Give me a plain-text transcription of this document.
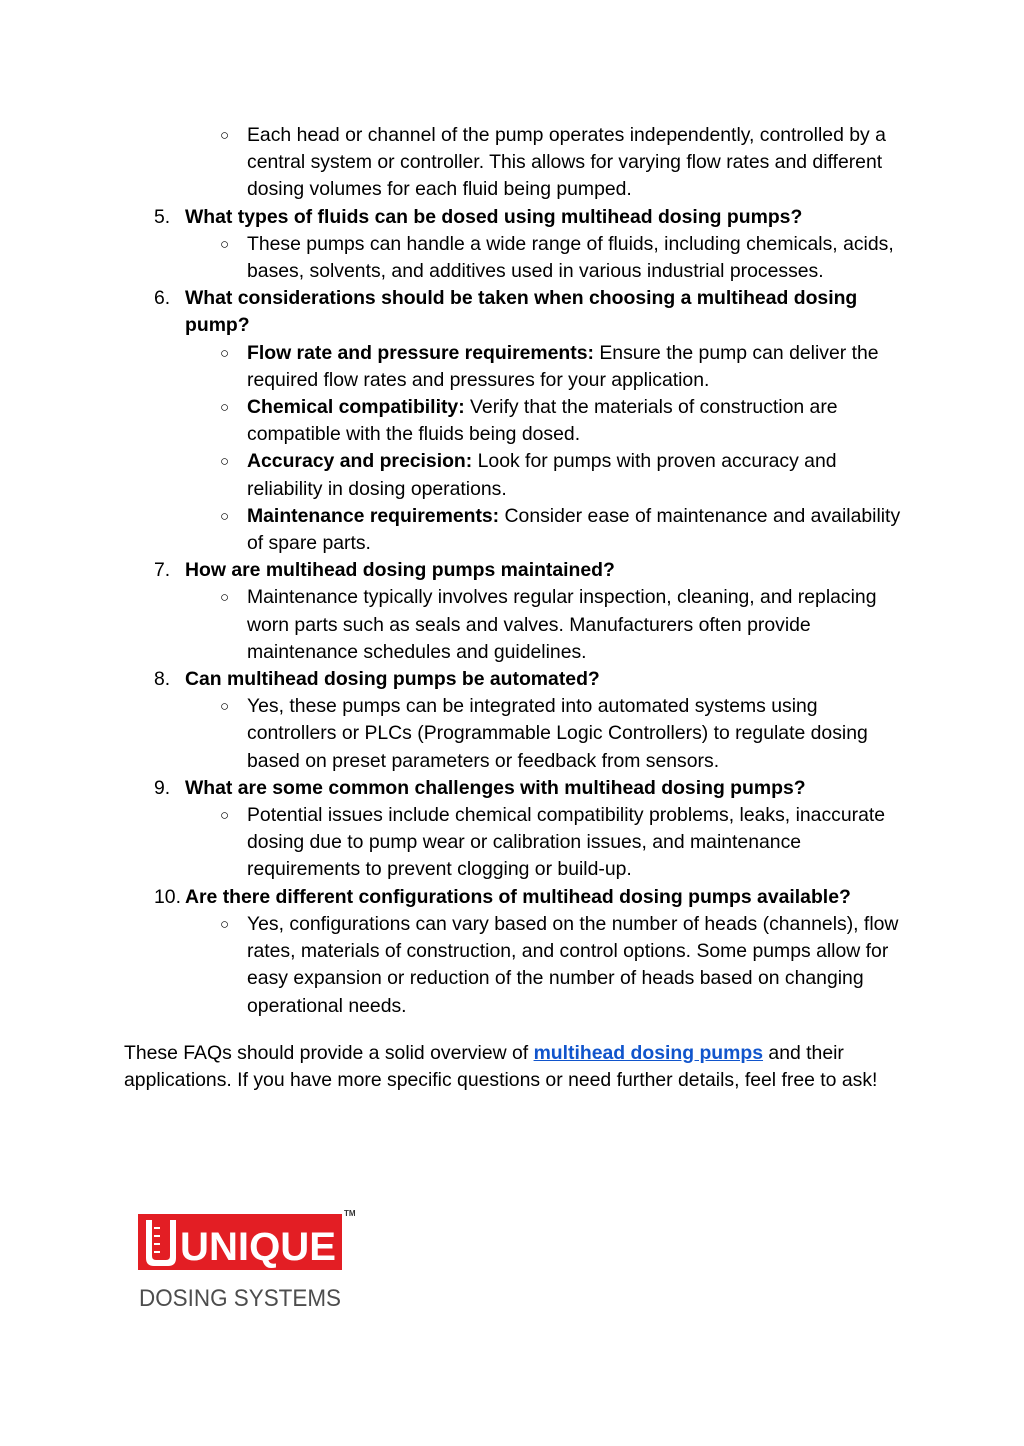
○ Each head or channel of the pump operates independently, controlled by a central system or controller. This allows for varying flow rates and different dosing volumes for each fluid being pumped.
5. What types of fluids can be dosed using multihead dosing pumps?
○ These pumps can handle a wide range of fluids, including chemicals, acids, bases, solvents, and additives used in various industrial processes.
6. What considerations should be taken when choosing a multihead dosing pump?
○ Flow rate and pressure requirements: Ensure the pump can deliver the required flow rates and pressures for your application.
○ Chemical compatibility: Verify that the materials of construction are compatible with the fluids being dosed.
○ Accuracy and precision: Look for pumps with proven accuracy and reliability in dosing operations.
○ Maintenance requirements: Consider ease of maintenance and availability of spare parts.
7. How are multihead dosing pumps maintained?
○ Maintenance typically involves regular inspection, cleaning, and replacing worn parts such as seals and valves. Manufacturers often provide maintenance schedules and guidelines.
8. Can multihead dosing pumps be automated?
○ Yes, these pumps can be integrated into automated systems using controllers or PLCs (Programmable Logic Controllers) to regulate dosing based on preset parameters or feedback from sensors.
9. What are some common challenges with multihead dosing pumps?
○ Potential issues include chemical compatibility problems, leaks, inaccurate dosing due to pump wear or calibration issues, and maintenance requirements to prevent clogging or build-up.
10. Are there different configurations of multihead dosing pumps available?
○ Yes, configurations can vary based on the number of heads (channels), flow rates, materials of construction, and control options. Some pumps allow for easy expansion or reduction of the number of heads based on changing operational needs.

These FAQs should provide a solid overview of multihead dosing pumps and their applications. If you have more specific questions or need further details, feel free to ask!

UNIQUE
TM
DOSING SYSTEMS
